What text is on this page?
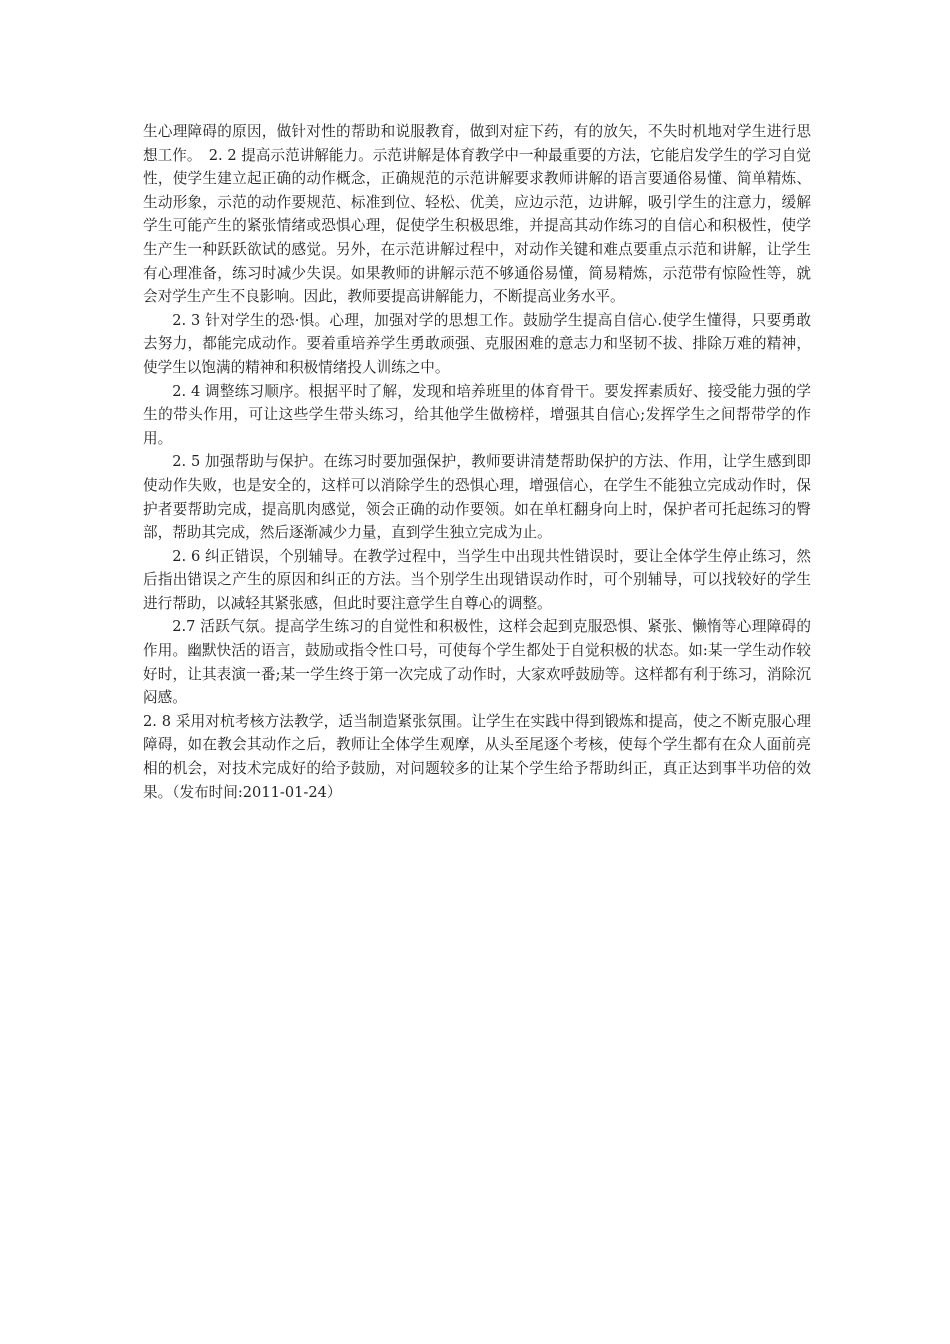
生心理障碍的原因，做针对性的帮助和说服教育，做到对症下药，有的放矢，不失时机地对学生进行思想工作。　2. 2 提高示范讲解能力。示范讲解是体育教学中一种最重要的方法，它能启发学生的学习自觉性，使学生建立起正确的动作概念，正确规范的示范讲解要求教师讲解的语言要通俗易懂、简单精炼、生动形象，示范的动作要规范、标准到位、轻松、优美，应边示范，边讲解，吸引学生的注意力，缓解学生可能产生的紧张情绪或恐惧心理，促使学生积极思维，并提高其动作练习的自信心和积极性，使学生产生一种跃跃欲试的感觉。另外，在示范讲解过程中，对动作关键和难点要重点示范和讲解，让学生有心理准备，练习时减少失误。如果教师的讲解示范不够通俗易懂，简易精炼，示范带有惊险性等，就会对学生产生不良影响。因此，教师要提高讲解能力，不断提高业务水平。

2. 3 针对学生的恐·惧。心理，加强对学的思想工作。鼓励学生提高自信心.使学生懂得，只要勇敢去努力，都能完成动作。要着重培养学生勇敢顽强、克服困难的意志力和坚韧不拔、排除万难的精神，使学生以饱满的精神和积极情绪投人训练之中。

2. 4 调整练习顺序。根据平时了解，发现和培养班里的体育骨干。要发挥素质好、接受能力强的学生的带头作用，可让这些学生带头练习，给其他学生做榜样，增强其自信心;发挥学生之间帮带学的作用。

2. 5 加强帮助与保护。在练习时要加强保护，教师要讲清楚帮助保护的方法、作用，让学生感到即使动作失败，也是安全的，这样可以消除学生的恐惧心理，增强信心，在学生不能独立完成动作时，保护者要帮助完成，提高肌肉感觉，领会正确的动作要领。如在单杠翻身向上时，保护者可托起练习的臀部，帮助其完成，然后逐渐减少力量，直到学生独立完成为止。

2. 6 纠正错误，个别辅导。在教学过程中，当学生中出现共性错误时，要让全体学生停止练习，然后指出错误之产生的原因和纠正的方法。当个别学生出现错误动作时，可个别辅导，可以找较好的学生进行帮助，以减轻其紧张感，但此时要注意学生自尊心的调整。

2.7 活跃气氛。提高学生练习的自觉性和积极性，这样会起到克服恐惧、紧张、懒惰等心理障碍的作用。幽默快活的语言，鼓励或指令性口号，可使每个学生都处于自觉积极的状态。如:某一学生动作较好时，让其表演一番;某一学生终于第一次完成了动作时，大家欢呼鼓励等。这样都有利于练习，消除沉闷感。

2. 8 采用对杭考核方法教学，适当制造紧张氛围。让学生在实践中得到锻炼和提高，使之不断克服心理障碍，如在教会其动作之后，教师让全体学生观摩，从头至尾逐个考核，使每个学生都有在众人面前亮相的机会，对技术完成好的给予鼓励，对问题较多的让某个学生给予帮助纠正，真正达到事半功倍的效果。（发布时间:2011-01-24）
